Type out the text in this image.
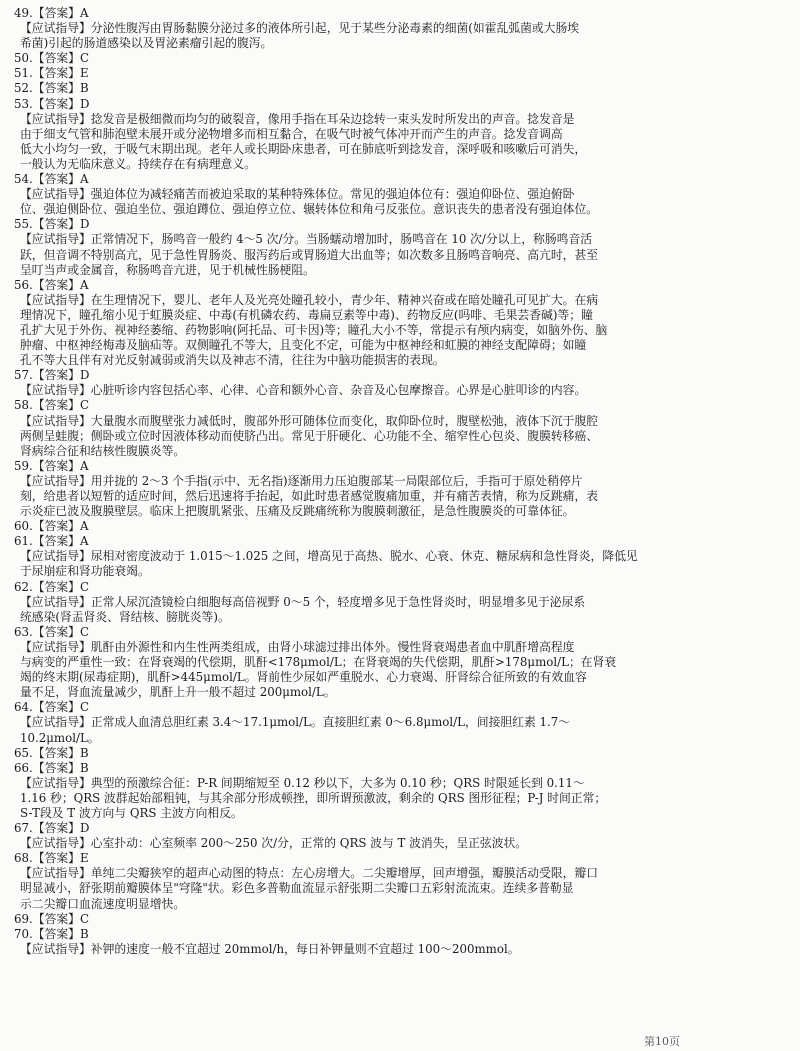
49.【答案】A
【应试指导】分泌性腹泻由胃肠黏膜分泌过多的液体所引起，见于某些分泌毒素的细菌(如霍乱弧菌或大肠埃
希菌)引起的肠道感染以及胃泌素瘤引起的腹泻。
50.【答案】C
51.【答案】E
52.【答案】B
53.【答案】D
【应试指导】捻发音是极细微而均匀的破裂音，像用手指在耳朵边捻转一束头发时所发出的声音。捻发音是
由于细支气管和肺泡壁未展开或分泌物增多而相互黏合，在吸气时被气体冲开而产生的声音。捻发音调高
低大小均匀一致，于吸气末期出现。老年人或长期卧床患者，可在肺底听到捻发音，深呼吸和咳嗽后可消失，
一般认为无临床意义。持续存在有病理意义。
54.【答案】A
【应试指导】强迫体位为减轻痛苦而被迫采取的某种特殊体位。常见的强迫体位有：强迫仰卧位、强迫俯卧
位、强迫侧卧位、强迫坐位、强迫蹲位、强迫停立位、辗转体位和角弓反张位。意识丧失的患者没有强迫体位。
55.【答案】D
【应试指导】正常情况下，肠鸣音一般约 4～5 次/分。当肠蠕动增加时，肠鸣音在 10 次/分以上，称肠鸣音活
跃，但音调不特别高亢，见于急性胃肠炎、服泻药后或胃肠道大出血等；如次数多且肠鸣音响亮、高亢时，甚至
呈叮当声或金属音，称肠鸣音亢进，见于机械性肠梗阻。
56.【答案】A
【应试指导】在生理情况下，婴儿、老年人及光亮处瞳孔较小，青少年、精神兴奋或在暗处瞳孔可见扩大。在病
理情况下，瞳孔缩小见于虹膜炎症、中毒(有机磷农药、毒扁豆素等中毒)、药物反应(吗啡、毛果芸香碱)等；瞳
孔扩大见于外伤、视神经萎缩、药物影响(阿托品、可卡因)等；瞳孔大小不等，常提示有颅内病变，如脑外伤、脑
肿瘤、中枢神经梅毒及脑疝等。双侧瞳孔不等大，且变化不定，可能为中枢神经和虹膜的神经支配障碍；如瞳
孔不等大且伴有对光反射减弱或消失以及神志不清，往往为中脑功能损害的表现。
57.【答案】D
【应试指导】心脏听诊内容包括心率、心律、心音和额外心音、杂音及心包摩擦音。心界是心脏叩诊的内容。
58.【答案】C
【应试指导】大量腹水而腹壁张力减低时，腹部外形可随体位而变化，取仰卧位时，腹壁松弛，液体下沉于腹腔
两侧呈蛙腹；侧卧或立位时因液体移动而使脐凸出。常见于肝硬化、心功能不全、缩窄性心包炎、腹膜转移癌、
肾病综合征和结核性腹膜炎等。
59.【答案】A
【应试指导】用并拢的 2～3 个手指(示中、无名指)逐渐用力压迫腹部某一局限部位后，手指可于原处稍停片
刻，给患者以短暂的适应时间，然后迅速将手抬起，如此时患者感觉腹痛加重，并有痛苦表情，称为反跳痛，表
示炎症已波及腹膜壁层。临床上把腹肌紧张、压痛及反跳痛统称为腹膜刺激征，是急性腹膜炎的可靠体征。
60.【答案】A
61.【答案】A
【应试指导】尿相对密度波动于 1.015～1.025 之间，增高见于高热、脱水、心衰、休克、糖尿病和急性肾炎，降低见
于尿崩症和肾功能衰竭。
62.【答案】C
【应试指导】正常人尿沉渣镜检白细胞每高倍视野 0～5 个，轻度增多见于急性肾炎时，明显增多见于泌尿系
统感染(肾盂肾炎、肾结核、膀胱炎等)。
63.【答案】C
【应试指导】肌酐由外源性和内生性两类组成，由肾小球滤过排出体外。慢性肾衰竭患者血中肌酐增高程度
与病变的严重性一致：在肾衰竭的代偿期，肌酐<178μmol/L；在肾衰竭的失代偿期，肌酐>178μmol/L；在肾衰
竭的终末期(尿毒症期)，肌酐>445μmol/L。肾前性少尿如严重脱水、心力衰竭、肝肾综合征所致的有效血容
量不足，肾血流量减少，肌酐上升一般不超过 200μmol/L。
64.【答案】C
【应试指导】正常成人血清总胆红素 3.4～17.1μmol/L。直接胆红素 0～6.8μmol/L，间接胆红素 1.7～
10.2μmol/L。
65.【答案】B
66.【答案】B
【应试指导】典型的预激综合征：P-R 间期缩短至 0.12 秒以下，大多为 0.10 秒；QRS 时限延长到 0.11～
1.16 秒；QRS 波群起始部粗钝，与其余部分形成顿挫，即所谓预激波，剩余的 QRS 图形征程；P-J 时间正常；
S-T段及 T 波方向与 QRS 主波方向相反。
67.【答案】D
【应试指导】心室扑动：心室频率 200～250 次/分，正常的 QRS 波与 T 波消失，呈正弦波状。
68.【答案】E
【应试指导】单纯二尖瓣狭窄的超声心动图的特点：左心房增大。二尖瓣增厚，回声增强，瓣膜活动受限，瓣口
明显减小，舒张期前瓣膜体呈"穹隆"状。彩色多普勒血流显示舒张期二尖瓣口五彩射流流束。连续多普勒显
示二尖瓣口血流速度明显增快。
69.【答案】C
70.【答案】B
【应试指导】补钾的速度一般不宜超过 20mmol/h，每日补钾量则不宜超过 100～200mmol。
第10页
